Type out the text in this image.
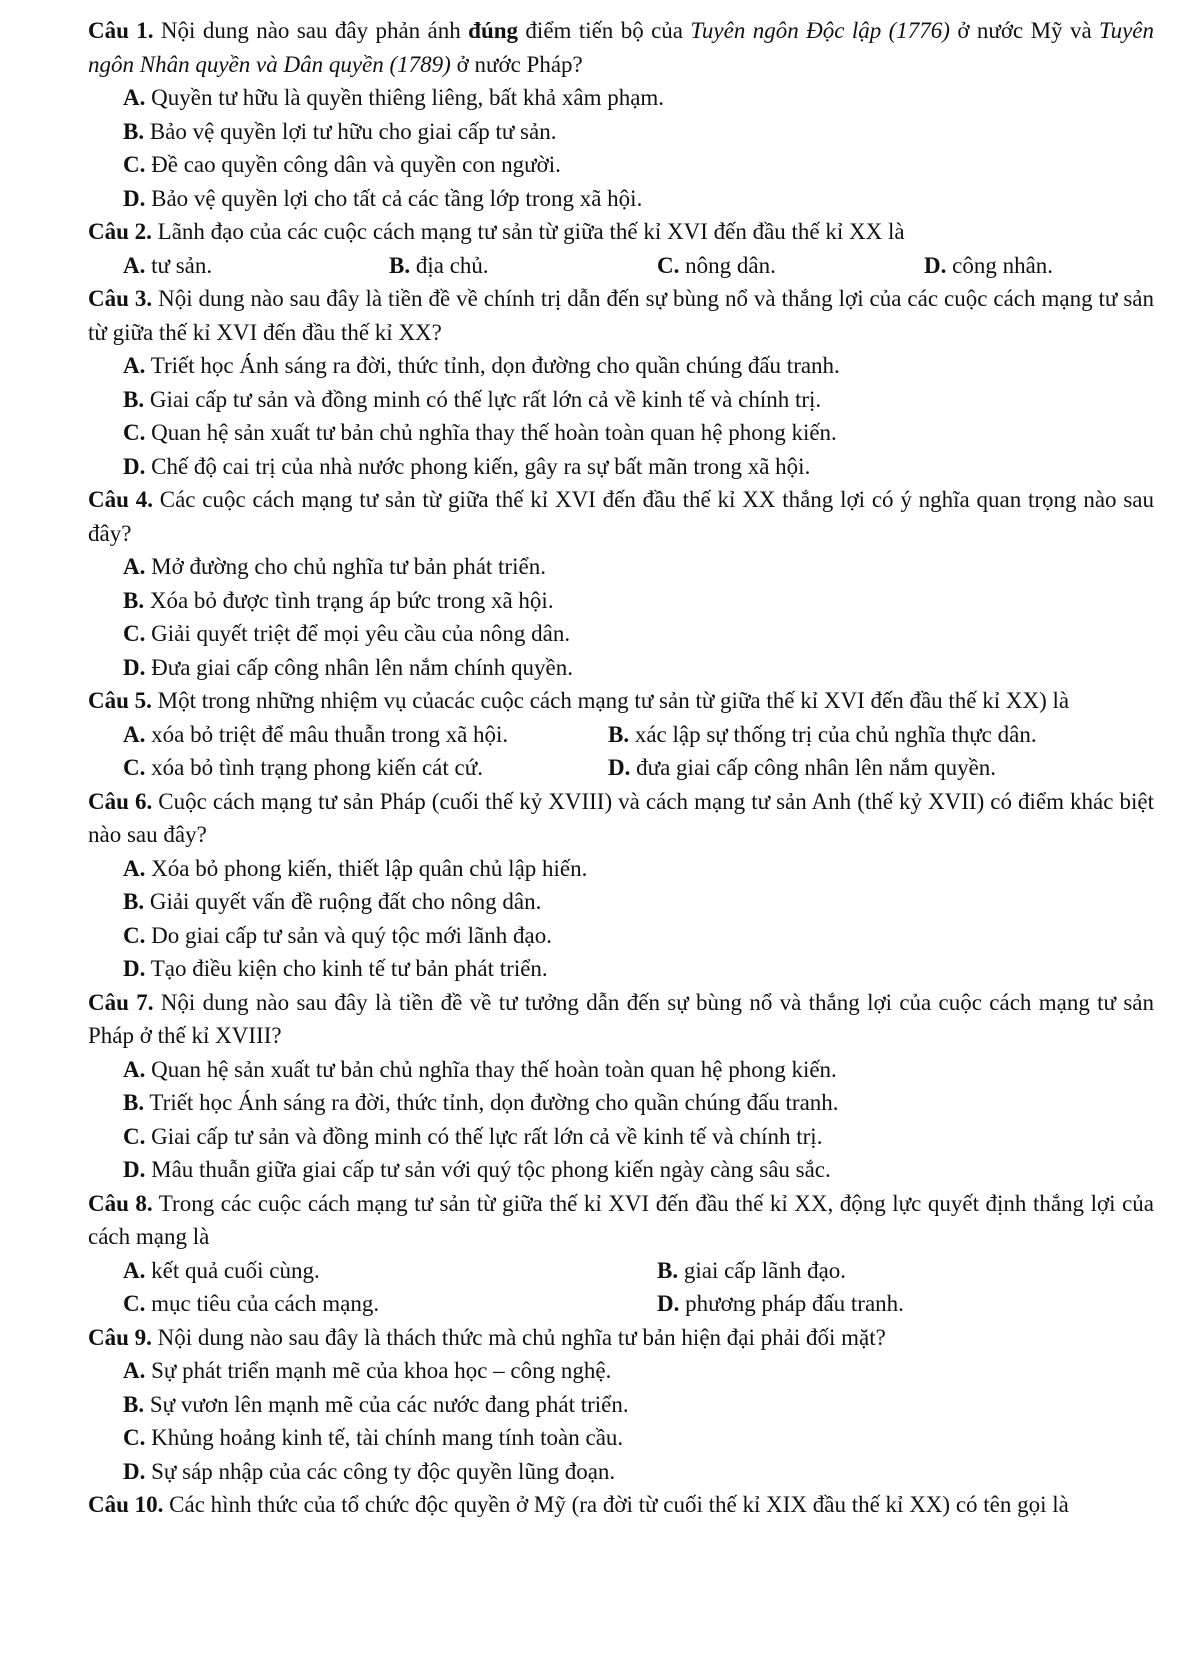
Câu 1. Nội dung nào sau đây phản ánh đúng điểm tiến bộ của Tuyên ngôn Độc lập (1776) ở nước Mỹ và Tuyên ngôn Nhân quyền và Dân quyền (1789) ở nước Pháp?
A. Quyền tư hữu là quyền thiêng liêng, bất khả xâm phạm.
B. Bảo vệ quyền lợi tư hữu cho giai cấp tư sản.
C. Đề cao quyền công dân và quyền con người.
D. Bảo vệ quyền lợi cho tất cả các tầng lớp trong xã hội.
Câu 2. Lãnh đạo của các cuộc cách mạng tư sản từ giữa thế kỉ XVI đến đầu thế kỉ XX là
A. tư sản.	B. địa chủ.	C. nông dân.	D. công nhân.
Câu 3. Nội dung nào sau đây là tiền đề về chính trị dẫn đến sự bùng nổ và thắng lợi của các cuộc cách mạng tư sản từ giữa thế kỉ XVI đến đầu thế kỉ XX?
A. Triết học Ánh sáng ra đời, thức tỉnh, dọn đường cho quần chúng đấu tranh.
B. Giai cấp tư sản và đồng minh có thế lực rất lớn cả về kinh tế và chính trị.
C. Quan hệ sản xuất tư bản chủ nghĩa thay thế hoàn toàn quan hệ phong kiến.
D. Chế độ cai trị của nhà nước phong kiến, gây ra sự bất mãn trong xã hội.
Câu 4. Các cuộc cách mạng tư sản từ giữa thế kỉ XVI đến đầu thế kỉ XX thắng lợi có ý nghĩa quan trọng nào sau đây?
A. Mở đường cho chủ nghĩa tư bản phát triển.
B. Xóa bỏ được tình trạng áp bức trong xã hội.
C. Giải quyết triệt để mọi yêu cầu của nông dân.
D. Đưa giai cấp công nhân lên nắm chính quyền.
Câu 5. Một trong những nhiệm vụ củacác cuộc cách mạng tư sản từ giữa thế kỉ XVI đến đầu thế kỉ XX) là
A. xóa bỏ triệt để mâu thuẫn trong xã hội.	B. xác lập sự thống trị của chủ nghĩa thực dân.
C. xóa bỏ tình trạng phong kiến cát cứ.	D. đưa giai cấp công nhân lên nắm quyền.
Câu 6. Cuộc cách mạng tư sản Pháp (cuối thế kỷ XVIII) và cách mạng tư sản Anh (thế kỷ XVII) có điểm khác biệt nào sau đây?
A. Xóa bỏ phong kiến, thiết lập quân chủ lập hiến.
B. Giải quyết vấn đề ruộng đất cho nông dân.
C. Do giai cấp tư sản và quý tộc mới lãnh đạo.
D. Tạo điều kiện cho kinh tế tư bản phát triển.
Câu 7. Nội dung nào sau đây là tiền đề về tư tưởng dẫn đến sự bùng nổ và thắng lợi của cuộc cách mạng tư sản Pháp ở thế kỉ XVIII?
A. Quan hệ sản xuất tư bản chủ nghĩa thay thế hoàn toàn quan hệ phong kiến.
B. Triết học Ánh sáng ra đời, thức tỉnh, dọn đường cho quần chúng đấu tranh.
C. Giai cấp tư sản và đồng minh có thế lực rất lớn cả về kinh tế và chính trị.
D. Mâu thuẫn giữa giai cấp tư sản với quý tộc phong kiến ngày càng sâu sắc.
Câu 8. Trong các cuộc cách mạng tư sản từ giữa thế kỉ XVI đến đầu thế kỉ XX, động lực quyết định thắng lợi của cách mạng là
A. kết quả cuối cùng.	B. giai cấp lãnh đạo.
C. mục tiêu của cách mạng.	D. phương pháp đấu tranh.
Câu 9. Nội dung nào sau đây là thách thức mà chủ nghĩa tư bản hiện đại phải đối mặt?
A. Sự phát triển mạnh mẽ của khoa học – công nghệ.
B. Sự vươn lên mạnh mẽ của các nước đang phát triển.
C. Khủng hoảng kinh tế, tài chính mang tính toàn cầu.
D. Sự sáp nhập của các công ty độc quyền lũng đoạn.
Câu 10. Các hình thức của tổ chức độc quyền ở Mỹ (ra đời từ cuối thế kỉ XIX đầu thế kỉ XX) có tên gọi là
